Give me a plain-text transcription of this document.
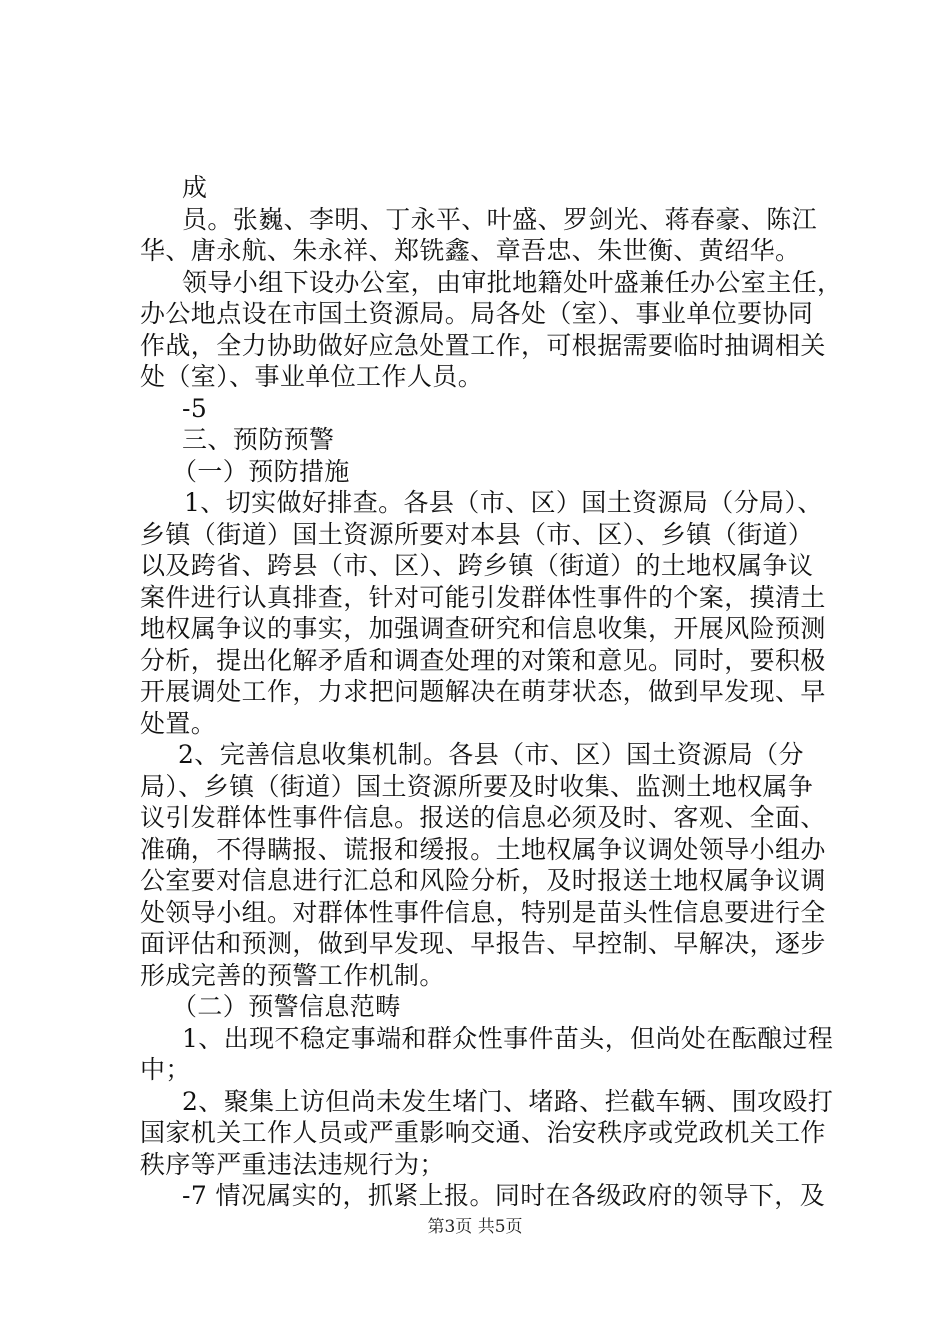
成
员。张巍、李明、丁永平、叶盛、罗剑光、蒋春豪、陈江
华、唐永航、朱永祥、郑铣鑫、章吾忠、朱世衡、黄绍华。
领导小组下设办公室，由审批地籍处叶盛兼任办公室主任，
办公地点设在市国土资源局。局各处（室）、事业单位要协同
作战，全力协助做好应急处置工作，可根据需要临时抽调相关
处（室）、事业单位工作人员。
-5
三、预防预警
（一）预防措施
1、切实做好排查。各县（市、区）国土资源局（分局）、
乡镇（街道）国土资源所要对本县（市、区）、乡镇（街道）
以及跨省、跨县（市、区）、跨乡镇（街道）的土地权属争议
案件进行认真排查，针对可能引发群体性事件的个案，摸清土
地权属争议的事实，加强调查研究和信息收集，开展风险预测
分析，提出化解矛盾和调查处理的对策和意见。同时，要积极
开展调处工作，力求把问题解决在萌芽状态，做到早发现、早
处置。
2、完善信息收集机制。各县（市、区）国土资源局（分
局）、乡镇（街道）国土资源所要及时收集、监测土地权属争
议引发群体性事件信息。报送的信息必须及时、客观、全面、
准确，不得瞒报、谎报和缓报。土地权属争议调处领导小组办
公室要对信息进行汇总和风险分析，及时报送土地权属争议调
处领导小组。对群体性事件信息，特别是苗头性信息要进行全
面评估和预测，做到早发现、早报告、早控制、早解决，逐步
形成完善的预警工作机制。
（二）预警信息范畴
1、出现不稳定事端和群众性事件苗头，但尚处在酝酿过程
中；
2、聚集上访但尚未发生堵门、堵路、拦截车辆、围攻殴打
国家机关工作人员或严重影响交通、治安秩序或党政机关工作
秩序等严重违法违规行为；
-7 情况属实的，抓紧上报。同时在各级政府的领导下，及
第3页 共5页
